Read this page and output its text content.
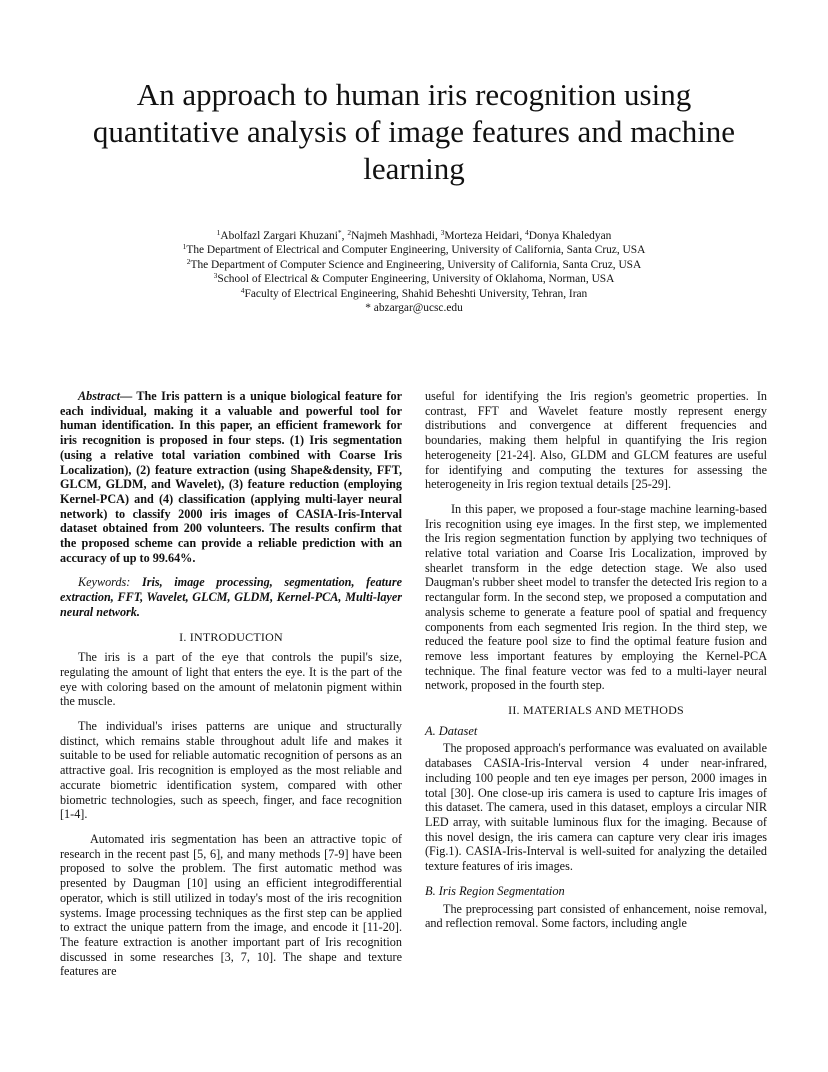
An approach to human iris recognition using quantitative analysis of image features and machine learning
$^1$Abolfazl Zargari Khuzani*, $^2$Najmeh Mashhadi, $^3$Morteza Heidari, $^4$Donya Khaledyan
$^1$The Department of Electrical and Computer Engineering, University of California, Santa Cruz, USA
$^2$The Department of Computer Science and Engineering, University of California, Santa Cruz, USA
$^3$School of Electrical & Computer Engineering, University of Oklahoma, Norman, USA
$^4$Faculty of Electrical Engineering, Shahid Beheshti University, Tehran, Iran
* abzargar@ucsc.edu

Abstract— The Iris pattern is a unique biological feature for each individual, making it a valuable and powerful tool for human identification. In this paper, an efficient framework for iris recognition is proposed in four steps. (1) Iris segmentation (using a relative total variation combined with Coarse Iris Localization), (2) feature extraction (using Shape&density, FFT, GLCM, GLDM, and Wavelet), (3) feature reduction (employing Kernel-PCA) and (4) classification (applying multi-layer neural network) to classify 2000 iris images of CASIA-Iris-Interval dataset obtained from 200 volunteers. The results confirm that the proposed scheme can provide a reliable prediction with an accuracy of up to 99.64%.

Keywords: Iris, image processing, segmentation, feature extraction, FFT, Wavelet, GLCM, GLDM, Kernel-PCA, Multi-layer neural network.

I. INTRODUCTION

The iris is a part of the eye that controls the pupil's size, regulating the amount of light that enters the eye. It is the part of the eye with coloring based on the amount of melatonin pigment within the muscle.

The individual's irises patterns are unique and structurally distinct, which remains stable throughout adult life and makes it suitable to be used for reliable automatic recognition of persons as an attractive goal. Iris recognition is employed as the most reliable and accurate biometric identification system, compared with other biometric technologies, such as speech, finger, and face recognition [1-4].

Automated iris segmentation has been an attractive topic of research in the recent past [5, 6], and many methods [7-9] have been proposed to solve the problem. The first automatic method was presented by Daugman [10] using an efficient integrodifferential operator, which is still utilized in today's most of the iris recognition systems. Image processing techniques as the first step can be applied to extract the unique pattern from the image, and encode it [11-20]. The feature extraction is another important part of Iris recognition discussed in some researches [3, 7, 10]. The shape and texture features are

useful for identifying the Iris region's geometric properties. In contrast, FFT and Wavelet feature mostly represent energy distributions and convergence at different frequencies and boundaries, making them helpful in quantifying the Iris region heterogeneity [21-24]. Also, GLDM and GLCM features are useful for identifying and computing the textures for assessing the heterogeneity in Iris region textual details [25-29].

In this paper, we proposed a four-stage machine learning-based Iris recognition using eye images. In the first step, we implemented the Iris region segmentation function by applying two techniques of relative total variation and Coarse Iris Localization, improved by shearlet transform in the edge detection stage. We also used Daugman's rubber sheet model to transfer the detected Iris region to a rectangular form. In the second step, we proposed a computation and analysis scheme to generate a feature pool of spatial and frequency components from each segmented Iris region. In the third step, we reduced the feature pool size to find the optimal feature fusion and remove less important features by employing the Kernel-PCA technique. The final feature vector was fed to a multi-layer neural network, proposed in the fourth step.

II. MATERIALS AND METHODS
A. Dataset

The proposed approach's performance was evaluated on available databases CASIA-Iris-Interval version 4 under near-infrared, including 100 people and ten eye images per person, 2000 images in total [30]. One close-up iris camera is used to capture Iris images of this dataset. The camera, used in this dataset, employs a circular NIR LED array, with suitable luminous flux for the imaging. Because of this novel design, the iris camera can capture very clear iris images (Fig.1). CASIA-Iris-Interval is well-suited for analyzing the detailed texture features of iris images.

B. Iris Region Segmentation

The preprocessing part consisted of enhancement, noise removal, and reflection removal. Some factors, including angle
